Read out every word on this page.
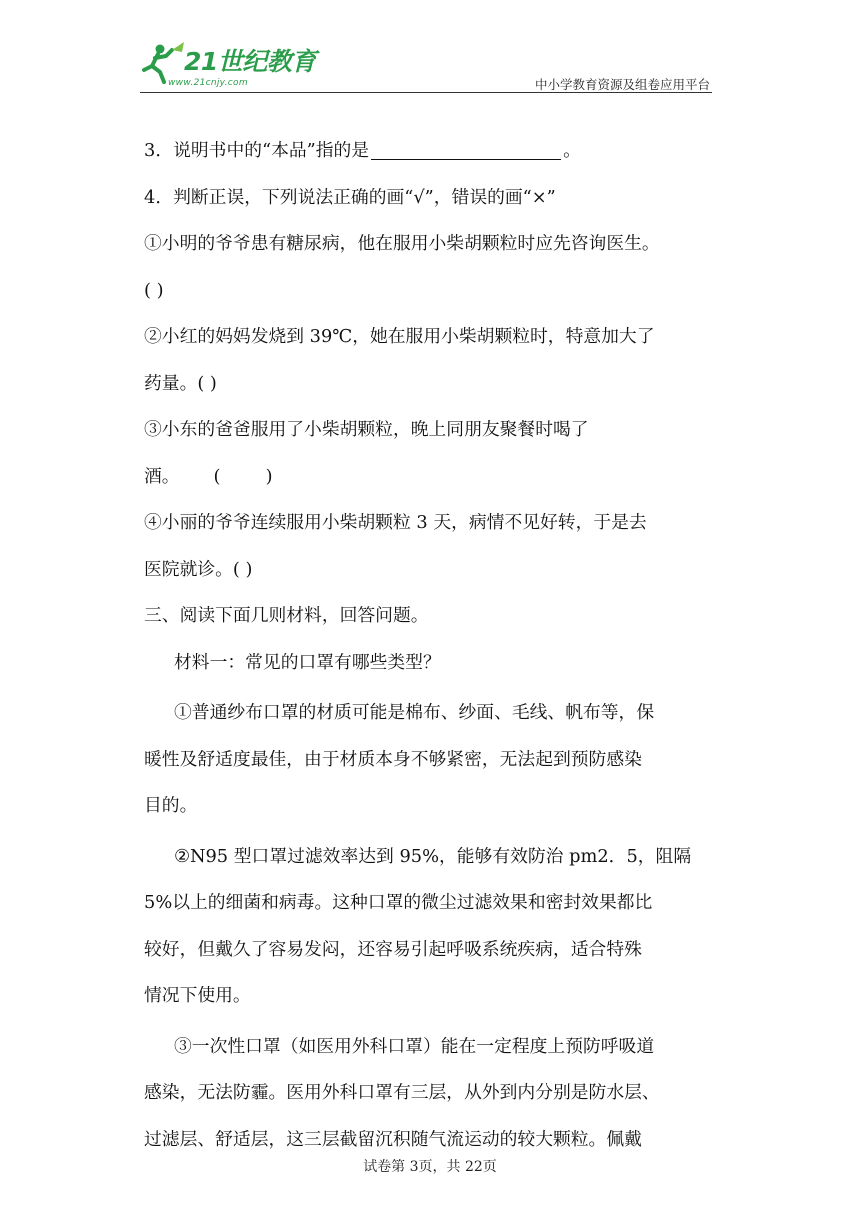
21世纪教育
www.21cnjy.com	中小学教育资源及组卷应用平台
3．说明书中的“本品”指的是	。
4．判断正误，下列说法正确的画“√”，错误的画“×”
①小明的爷爷患有糖尿病，他在服用小柴胡颗粒时应先咨询医生。
( )
②小红的妈妈发烧到 39℃，她在服用小柴胡颗粒时，特意加大了
药量。( )
③小东的爸爸服用了小柴胡颗粒，晚上同朋友聚餐时喝了
酒。      (        )
④小丽的爷爷连续服用小柴胡颗粒 3 天，病情不见好转，于是去
医院就诊。( )
三、阅读下面几则材料，回答问题。
材料一：常见的口罩有哪些类型？
①普通纱布口罩的材质可能是棉布、纱面、毛线、帆布等，保
暖性及舒适度最佳，由于材质本身不够紧密，无法起到预防感染
目的。
②N95 型口罩过滤效率达到 95%，能够有效防治 pm2．5，阻隔
5%以上的细菌和病毒。这种口罩的微尘过滤效果和密封效果都比
较好，但戴久了容易发闷，还容易引起呼吸系统疾病，适合特殊
情况下使用。
③一次性口罩（如医用外科口罩）能在一定程度上预防呼吸道
感染，无法防霾。医用外科口罩有三层，从外到内分别是防水层、
过滤层、舒适层，这三层截留沉积随气流运动的较大颗粒。佩戴
试卷第 3页，共 22页
